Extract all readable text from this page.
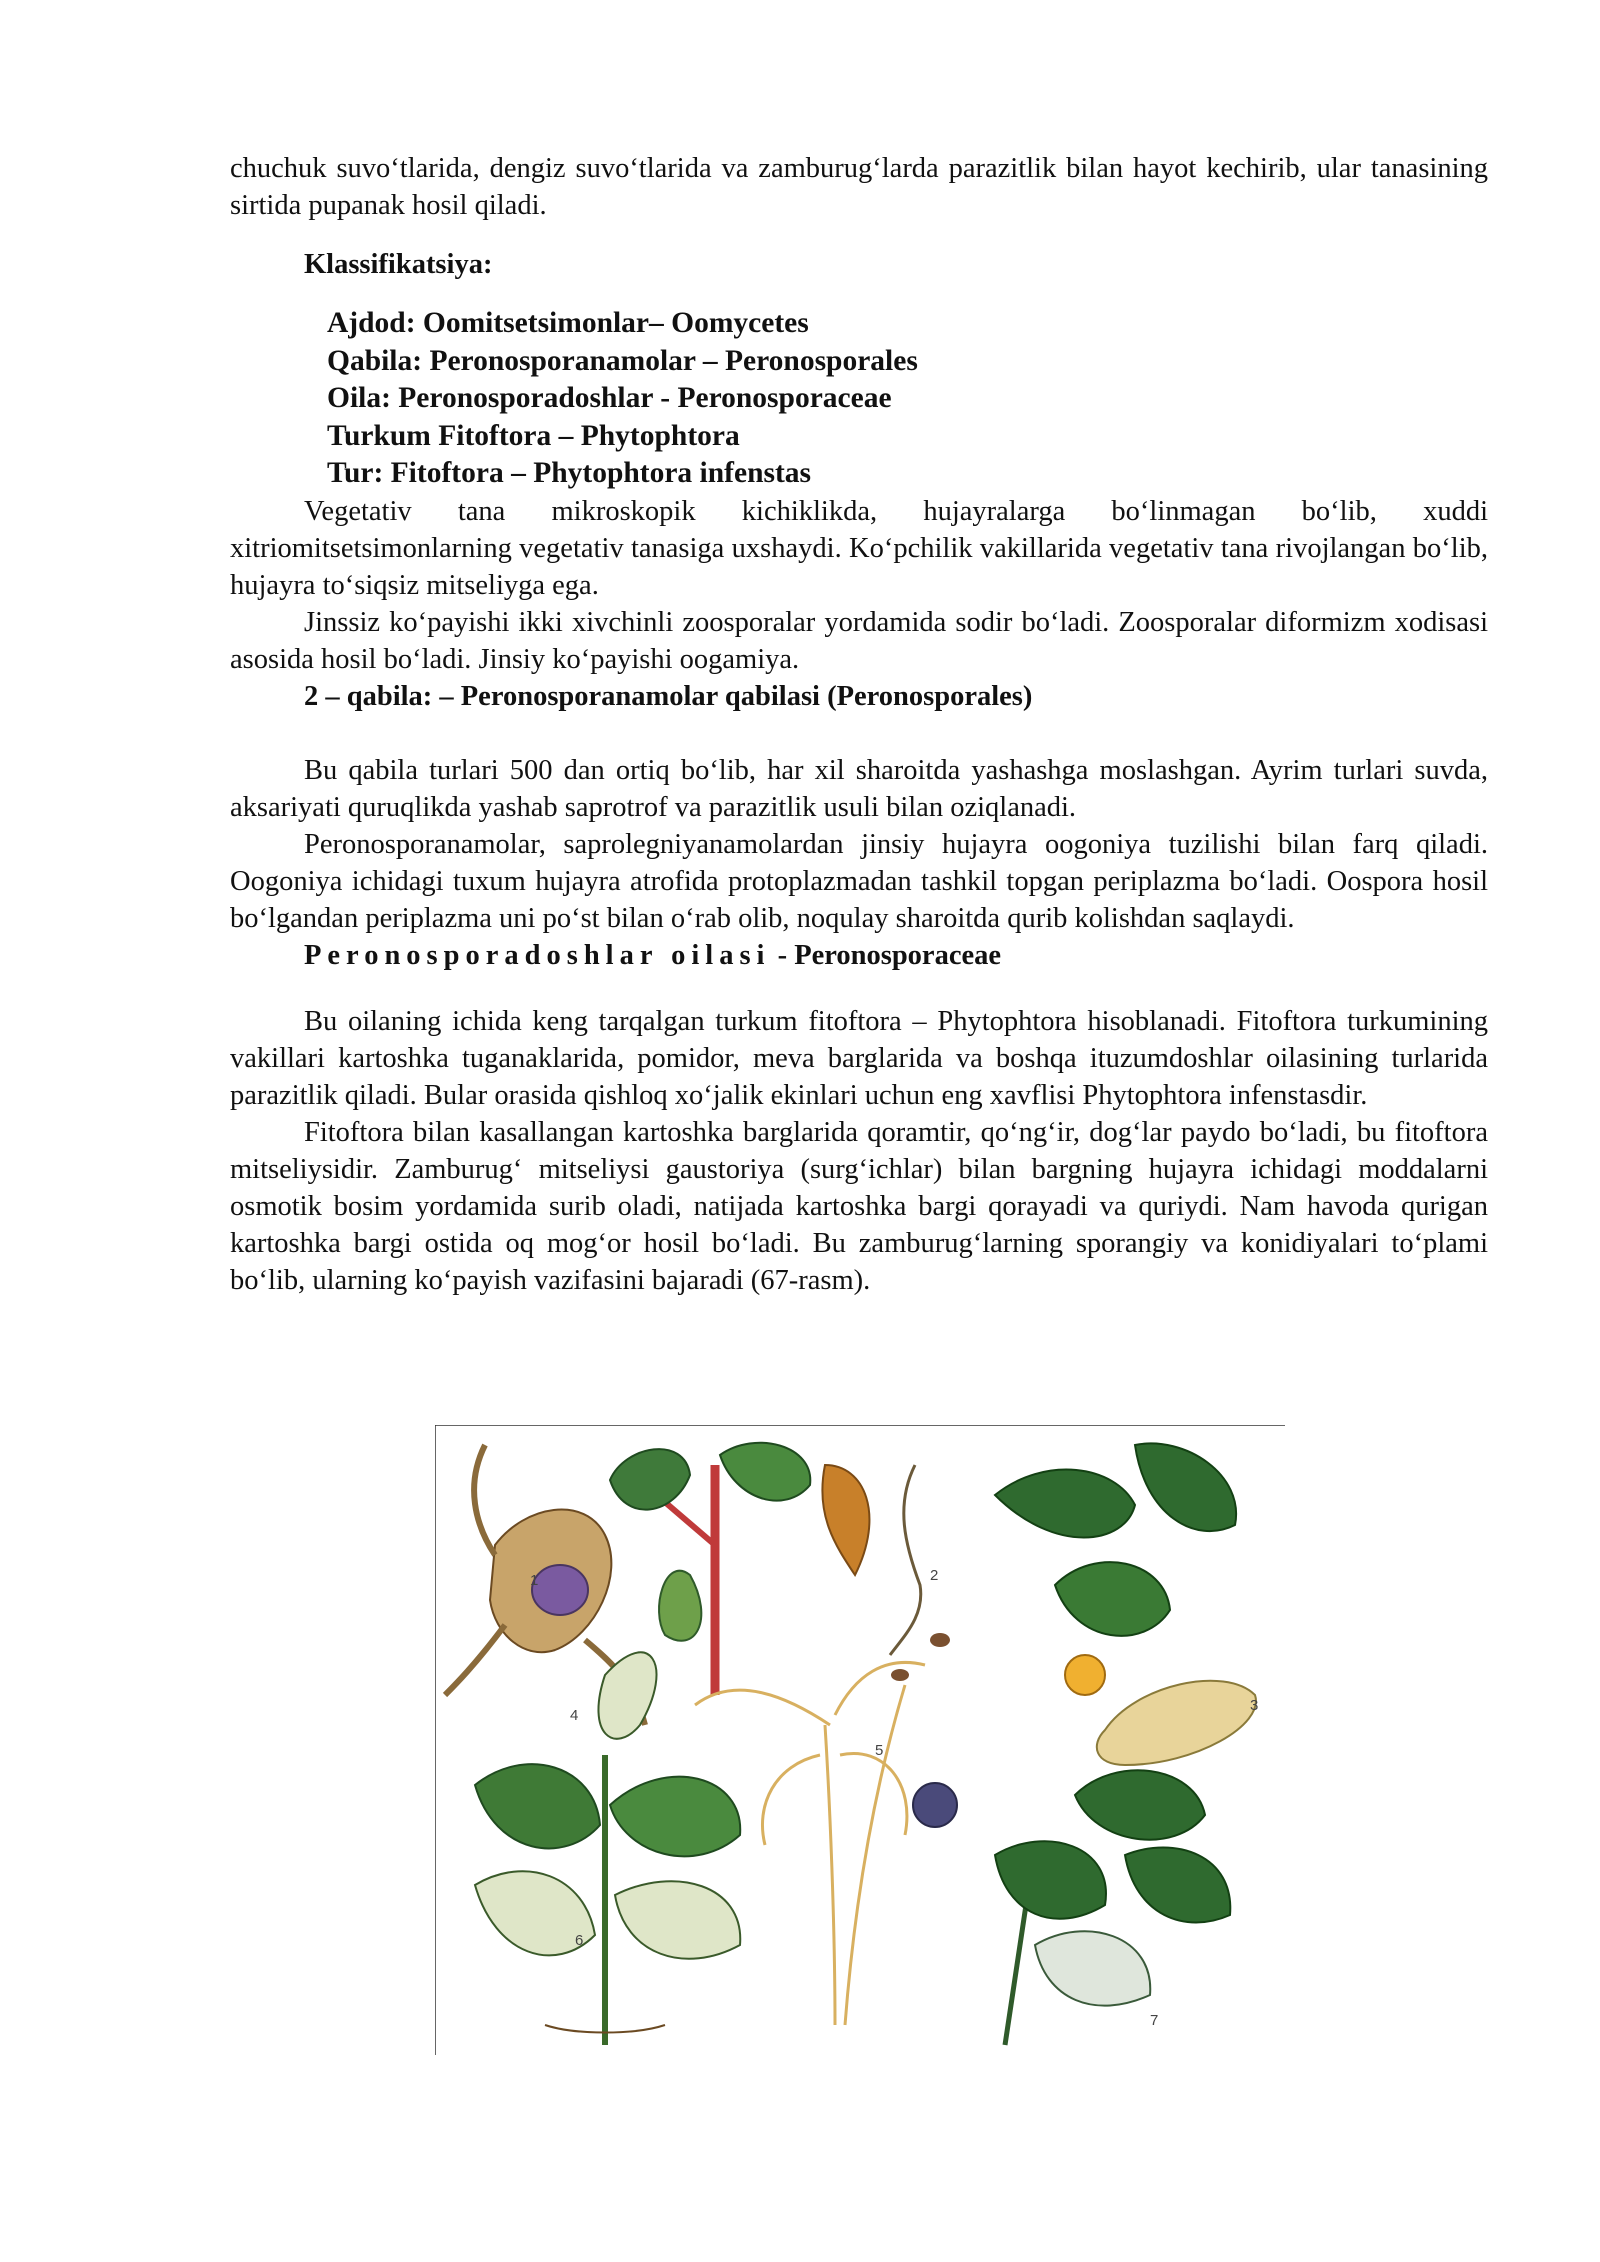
chuchuk suvo‘tlarida, dengiz suvo‘tlarida va zamburug‘larda parazitlik bilan hayot kechirib, ular tanasining sirtida pupanak hosil qiladi.

Klassifikatsiya:

Ajdod: Oomitsetsimonlar– Oomycetes
Qabila: Peronosporanamolar – Peronosporales
Oila: Peronosporadoshlar - Peronosporaceae
Turkum Fitoftora – Phytophtora
Tur: Fitoftora – Phytophtora infenstas

Vegetativ tana mikroskopik kichiklikda, hujayralarga bo‘linmagan bo‘lib, xuddi xitriomitsetsimonlarning vegetativ tanasiga uxshaydi. Ko‘pchilik vakillarida vegetativ tana rivojlangan bo‘lib, hujayra to‘siqsiz mitseliyga ega.

Jinssiz ko‘payishi ikki xivchinli zoosporalar yordamida sodir bo‘ladi. Zoosporalar diformizm xodisasi asosida hosil bo‘ladi. Jinsiy ko‘payishi oogamiya.

2 – qabila: – Peronosporanamolar qabilasi (Peronosporales)

Bu qabila turlari 500 dan ortiq bo‘lib, har xil sharoitda yashashga moslashgan. Ayrim turlari suvda, aksariyati quruqlikda yashab saprotrof va parazitlik usuli bilan oziqlanadi.

Peronosporanamolar, saprolegniyanamolardan jinsiy hujayra oogoniya tuzilishi bilan farq qiladi. Oogoniya ichidagi tuxum hujayra atrofida protoplazmadan tashkil topgan periplazma bo‘ladi. Oospora hosil bo‘lgandan periplazma uni po‘st bilan o‘rab olib, noqulay sharoitda qurib kolishdan saqlaydi.

Peronosporadoshlar oilasi - Peronosporaceae

Bu oilaning ichida keng tarqalgan turkum fitoftora – Phytophtora hisoblanadi. Fitoftora turkumining vakillari kartoshka tuganaklarida, pomidor, meva barglarida va boshqa ituzumdoshlar oilasining turlarida parazitlik qiladi. Bular orasida qishloq xo‘jalik ekinlari uchun eng xavflisi Phytophtora infenstasdir.

Fitoftora bilan kasallangan kartoshka barglarida qoramtir, qo‘ng‘ir, dog‘lar paydo bo‘ladi, bu fitoftora mitseliysidir. Zamburug‘ mitseliysi gaustoriya (surg‘ichlar) bilan bargning hujayra ichidagi moddalarni osmotik bosim yordamida surib oladi, natijada kartoshka bargi qorayadi va quriydi. Nam havoda qurigan kartoshka bargi ostida oq mog‘or hosil bo‘ladi. Bu zamburug‘larning sporangiy va konidiyalari to‘plami bo‘lib, ularning ko‘payish vazifasini bajaradi (67-rasm).

1	2
3
4
5
6
7
